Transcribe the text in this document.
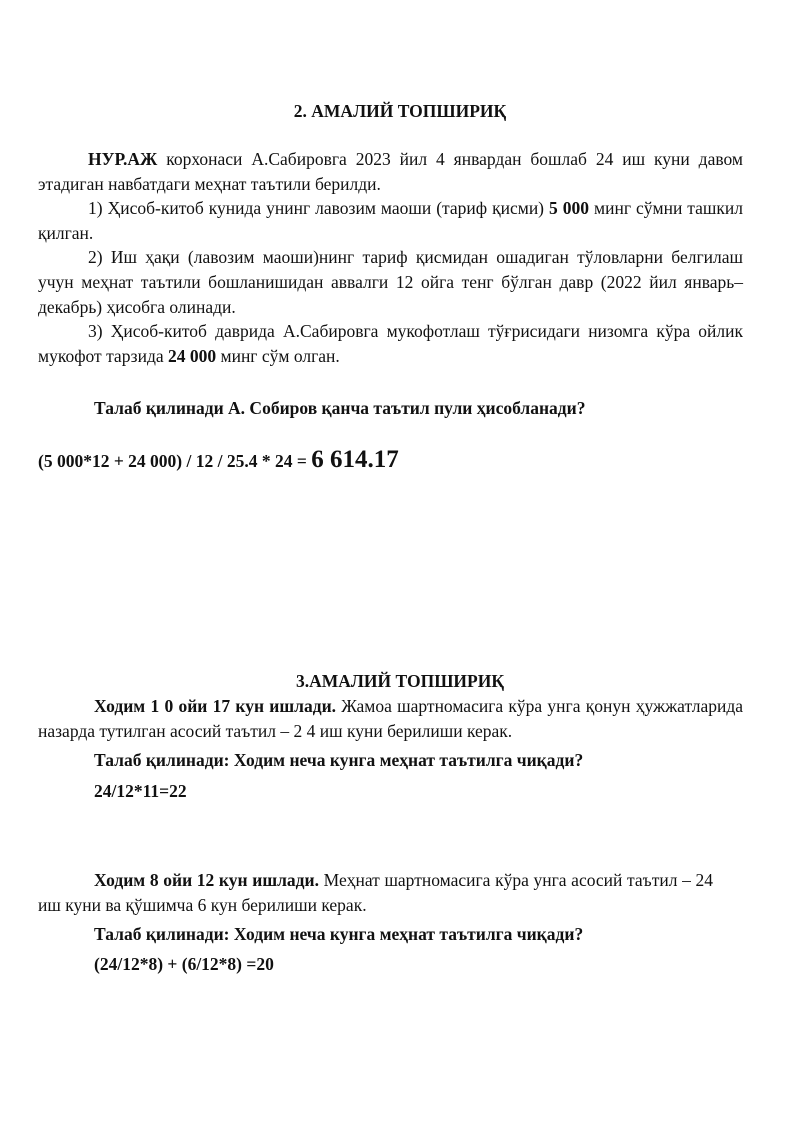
2. АМАЛИЙ ТОПШИРИҚ

НУР.АЖ корхонаси А.Сабировга 2023 йил 4 январдан бошлаб 24 иш куни давом этадиган навбатдаги меҳнат таътили берилди.

1) Ҳисоб-китоб кунида унинг лавозим маоши (тариф қисми) 5 000 минг сўмни ташкил қилган.

2) Иш ҳақи (лавозим маоши)нинг тариф қисмидан ошадиган тўловларни белгилаш учун меҳнат таътили бошланишидан аввалги 12 ойга тенг бўлган давр (2022 йил январь–декабрь) ҳисобга олинади.

3) Ҳисоб-китоб даврида А.Сабировга мукофотлаш тўғрисидаги низомга кўра ойлик мукофот тарзида 24 000 минг сўм олган.

Талаб қилинади А. Собиров қанча таътил пули ҳисобланади?
(5 000*12 + 24 000) / 12 / 25.4 * 24 = 6 614.17
3.АМАЛИЙ ТОПШИРИҚ

Ходим 1 0 ойи 17 кун ишлади. Жамоа шартномасига кўра унга қонун ҳужжатларида назарда тутилган асосий таътил – 2 4 иш куни берилиши керак.

Талаб қилинади: Ходим неча кунга меҳнат таътилга чиқади?
24/12*11=22

Ходим 8 ойи 12 кун ишлади. Меҳнат шартномасига кўра унга асосий таътил – 24 иш куни ва қўшимча 6 кун берилиши керак.

Талаб қилинади: Ходим неча кунга меҳнат таътилга чиқади?
(24/12*8) + (6/12*8) =20
